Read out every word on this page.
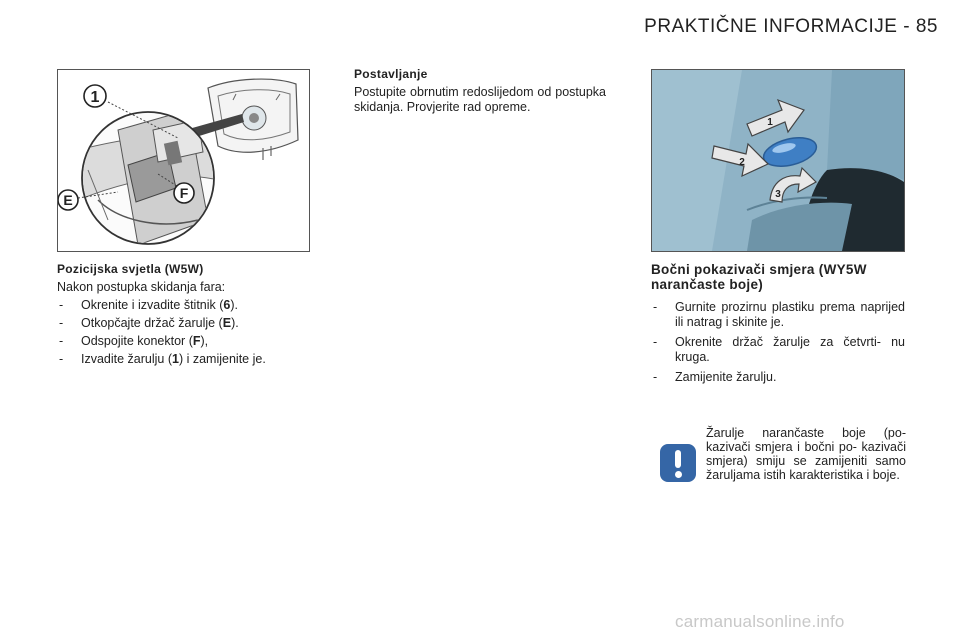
PRAKTIČNE INFORMACIJE - 85
1
E	F
Pozicijska svjetla (W5W)
Nakon postupka skidanja fara:
- Okrenite i izvadite štitnik (6).
- Otkopčajte držač žarulje (E).
- Odspojite konektor (F),
- Izvadite žarulju (1) i zamijenite je.
Postavljanje
Postupite obrnutim redoslijedom od postupka skidanja. Provjerite rad opreme.
1
2
3
Bočni pokazivači smjera (WY5W narančaste boje)
- Gurnite prozirnu plastiku prema naprijed ili natrag i skinite je.
- Okrenite držač žarulje za četvrti- nu kruga.
- Zamijenite žarulju.
Žarulje narančaste boje (po- kazivači smjera i bočni po- kazivači smjera) smiju se zamijeniti samo žaruljama istih karakteristika i boje.
carmanualsonline.info
